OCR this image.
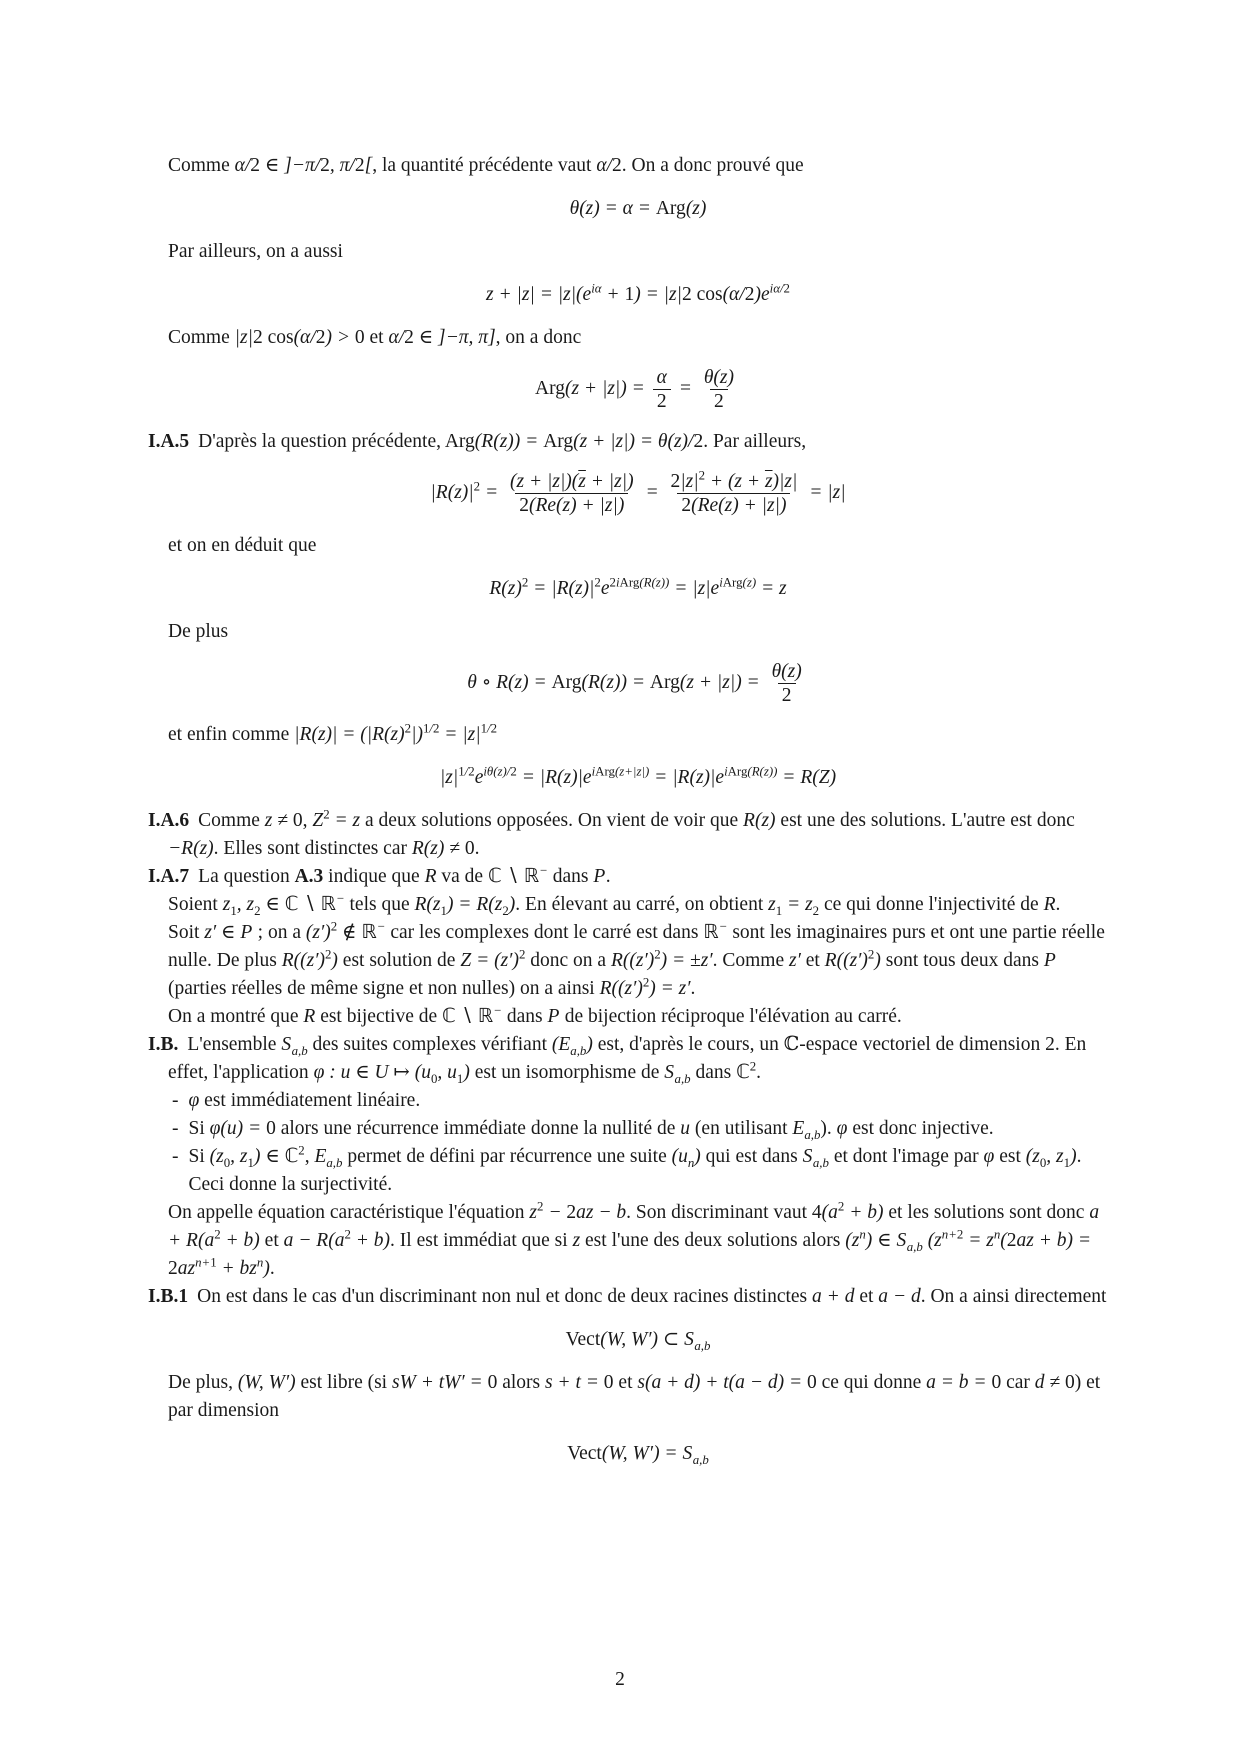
Comme α/2 ∈ ]−π/2, π/2[, la quantité précédente vaut α/2. On a donc prouvé que

θ(z) = α = Arg(z)

Par ailleurs, on a aussi

$z + |z| = |z|(e^{i\alpha} + 1) = |z|2$ $\cos(\alpha/2)e^{i\alpha/2}$

Comme |z|2 cos(α/2) > 0 et α/2 ∈ ]−π, π], on a donc

$Arg(z + |z|) = \frac{\alpha}{2} = \frac{\theta(z)}{2}$
I.A.5 D'après la question précédente, Arg(R(z)) = Arg(z + |z|) = θ(z)/2. Par ailleurs,
$|R(z)|^2 = \frac{(z + |z|)(\overline{z} + |z|)}{2(Re(z) + |z|)} = \frac{2|z|^2 + (z + \overline{z})|z|}{2(Re(z) + |z|)} = |z|$

et on en déduit que

$R(z)^2 = |R(z)|^2e^{2iArg(R(z))} = |z|e^{iArg(z)} = z$

De plus

θ ∘ $R(z) = Arg(R(z)) = Arg(z + |z|) = \frac{\theta(z)}{2}$

et enfin comme $|R(z)| = (|R(z)^2|)^{1/2} = |z|^{1/2}$

$|z|^{1/2}e^{i\theta(z)/2} = |R(z)|e^{iArg(z+|z|)} = |R(z)|e^{iArg(R(z))} = R(Z)$
I.A.6 Comme z ≠ 0, $Z^2 = z$ a deux solutions opposées. On vient de voir que R(z) est une des solutions. L'autre est donc −R(z). Elles sont distinctes car R(z) ≠ 0.
I.A.7 La question A.3 indique que R va de ℂ ∖ ℝ− dans P.

Soient $z_1$, $z_2$ ∈ ℂ ∖ ℝ− tels que $R(z_1) = R(z_2)$. En élevant au carré, on obtient $z_1 = z_2$ ce qui donne l'injectivité de R.

Soit z′ ∈ P ; on a $(z')^2$ ∉ ℝ− car les complexes dont le carré est dans ℝ− sont les imaginaires purs et ont une partie réelle nulle. De plus $R((z')^2)$ est solution de $Z = (z')^2$ donc on a $R((z')^2) = \pm z'$. Comme z′ et $R((z')^2)$ sont tous deux dans P (parties réelles de même signe et non nulles) on a ainsi $R((z')^2) = z'$.

On a montré que R est bijective de ℂ ∖ ℝ− dans P de bijection réciproque l'élévation au carré.

I.B. L'ensemble $S_{a,b}$ des suites complexes vérifiant $(E_{a,b})$ est, d'après le cours, un ℂ-espace vectoriel de dimension 2. En effet, l'application φ : u ∈ U ↦ ($u_0$, $u_1$) est un isomorphisme de $S_{a,b}$ dans ℂ$^2$.
- φ est immédiatement linéaire.
- Si φ(u) = 0 alors une récurrence immédiate donne la nullité de u (en utilisant $E_{a,b}$). φ est donc injective.
- Si ($z_0$, $z_1$) ∈ ℂ$^2$, $E_{a,b}$ permet de défini par récurrence une suite $(u_n)$ qui est dans $S_{a,b}$ et dont l'image par φ est ($z_0$, $z_1$). Ceci donne la surjectivité.

On appelle équation caractéristique l'équation $z^2 - 2az - b$. Son discriminant vaut $4(a^2 + b)$ et les solutions sont donc $a + R(a^2 + b)$ et $a - R(a^2 + b)$. Il est immédiat que si z est l'une des deux solutions alors $(z^n)$ ∈ $S_{a,b}$ $(z^{n+2} = z^n(2az + b) = 2az^{n+1} + bz^n)$.

I.B.1 On est dans le cas d'un discriminant non nul et donc de deux racines distinctes a + d et a − d. On a ainsi directement
Vect(W, W′) ⊂ $S_{a,b}$

De plus, (W, W′) est libre (si sW + tW′ = 0 alors s + t = 0 et s(a + d) + t(a − d) = 0 ce qui donne a = b = 0 car d ≠ 0) et par dimension

Vect(W, $W') = S_{a,b}$
2
